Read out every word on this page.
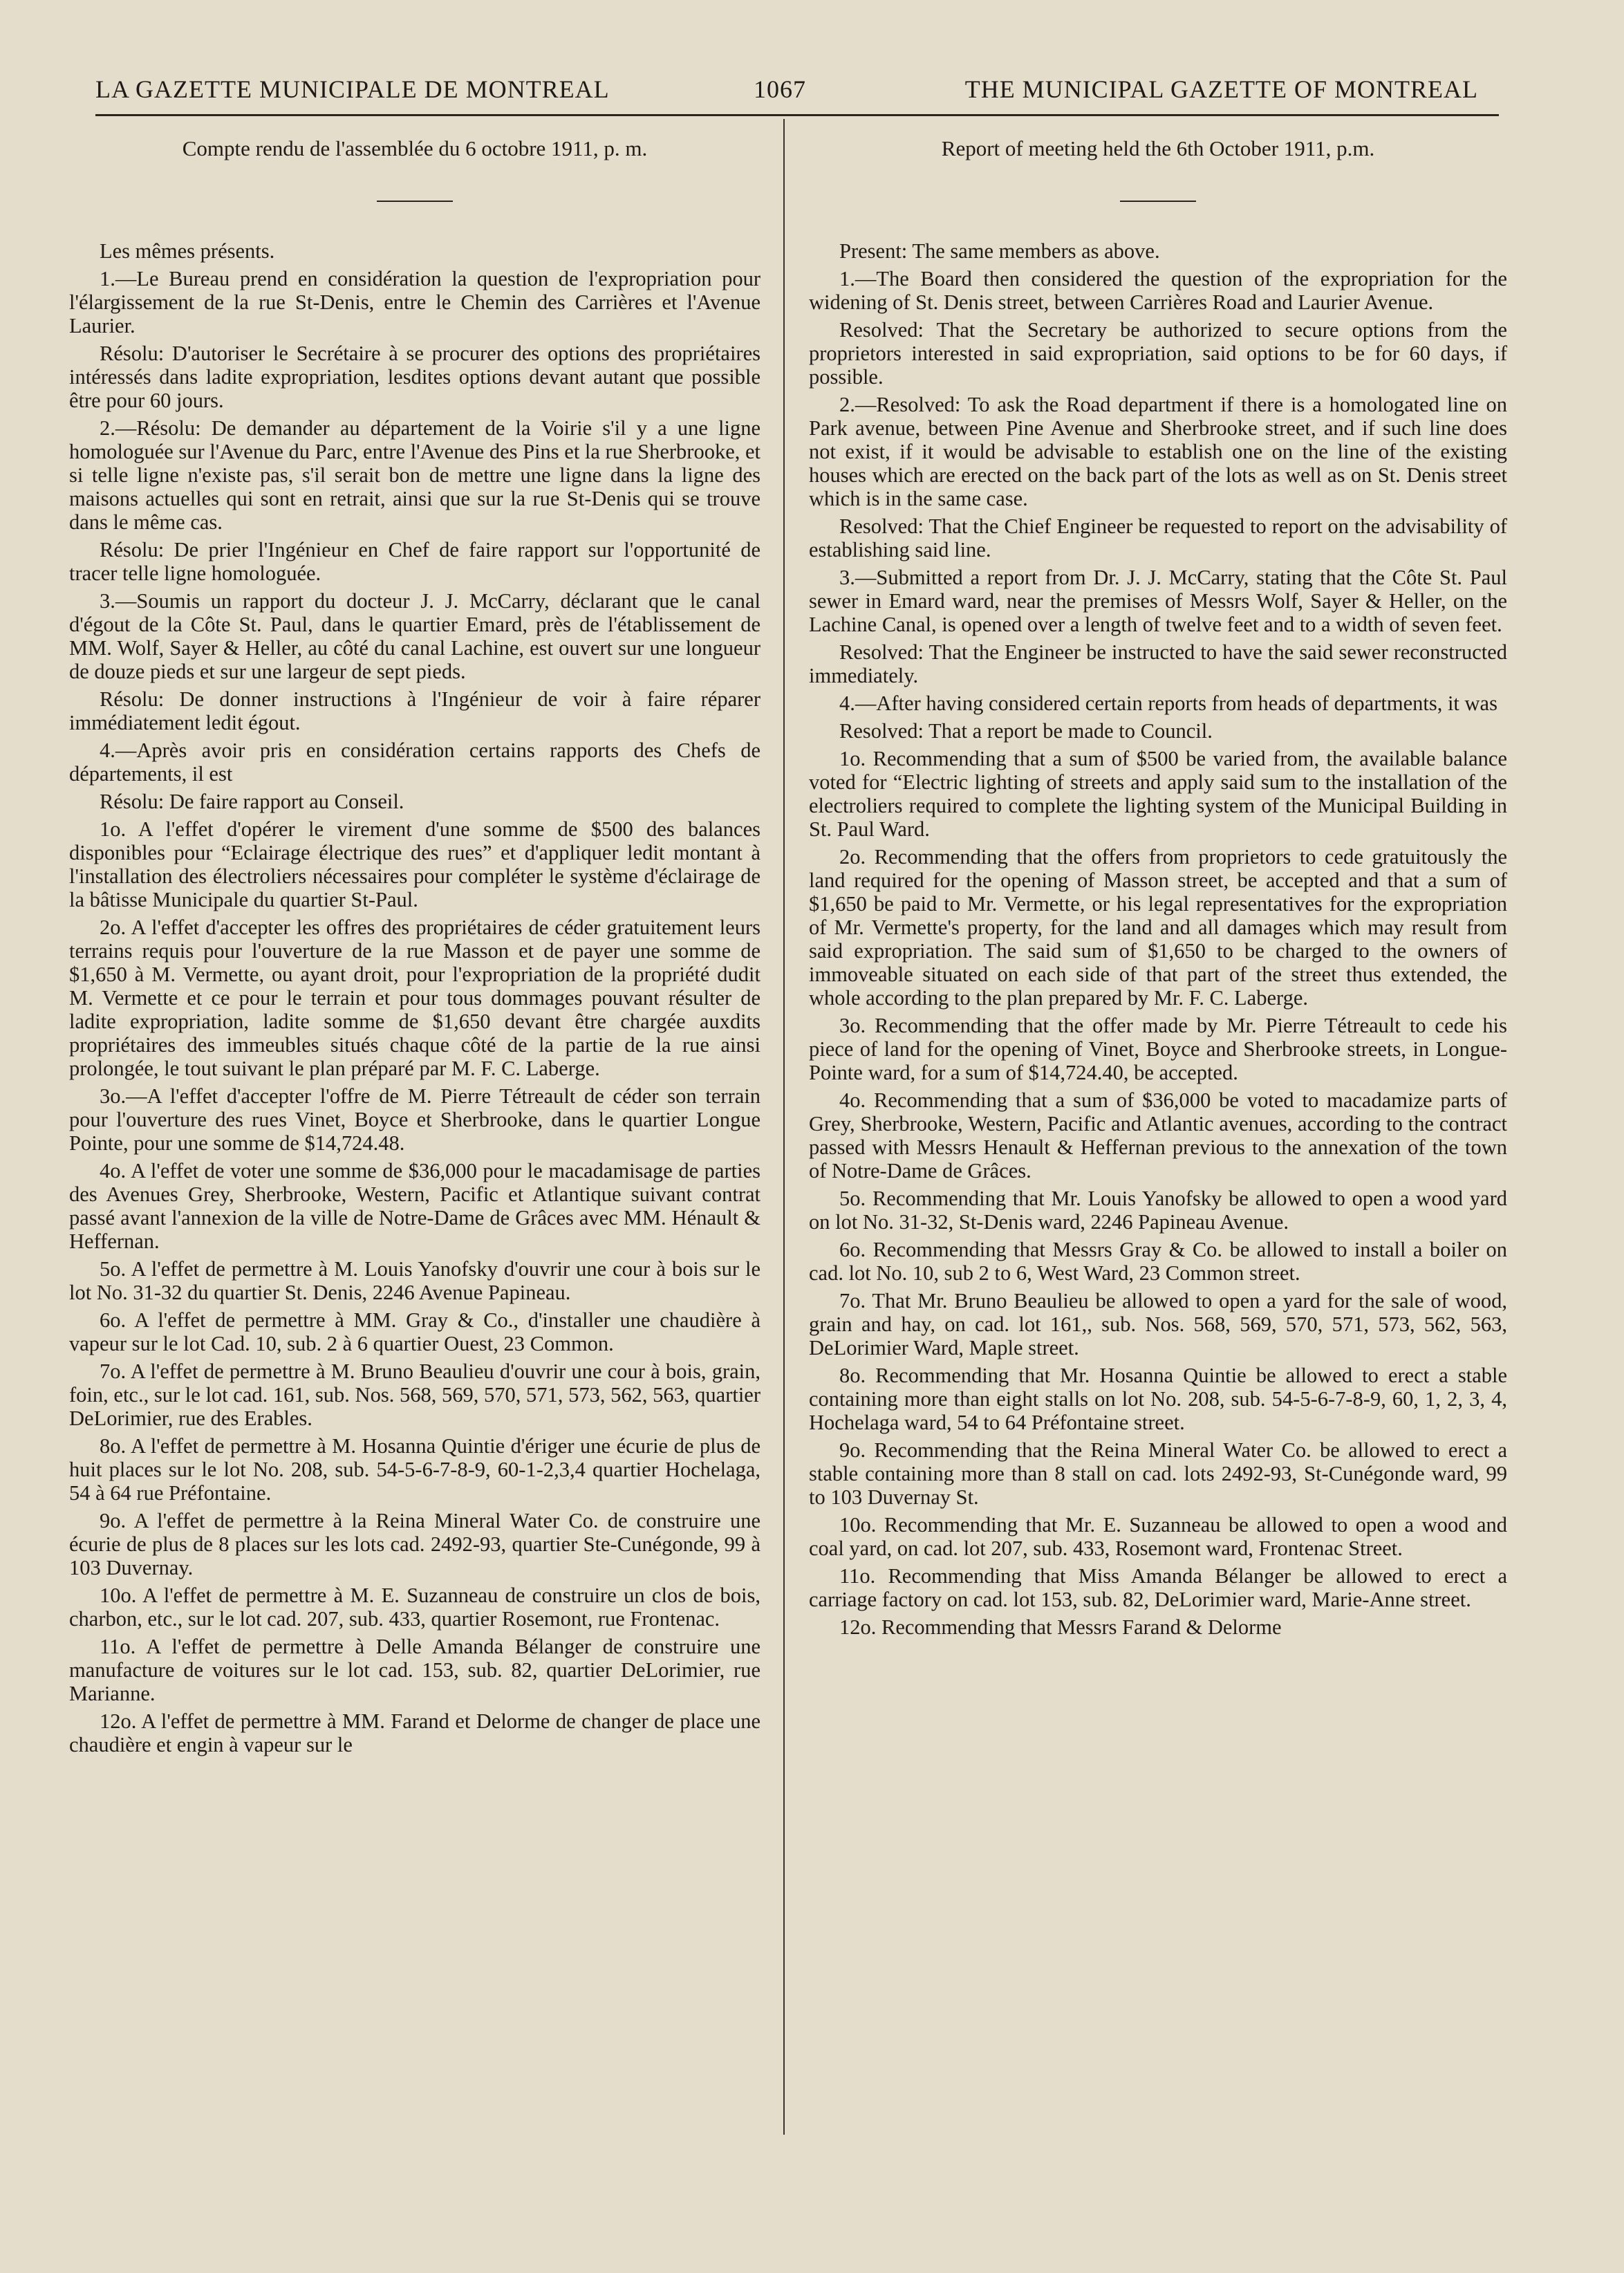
LA GAZETTE MUNICIPALE DE MONTREAL	1067	THE MUNICIPAL GAZETTE OF MONTREAL
Compte rendu de l'assemblée du 6 octobre 1911, p. m.

Les mêmes présents.

1.—Le Bureau prend en considération la question de l'expropriation pour l'élargissement de la rue St-Denis, entre le Chemin des Carrières et l'Avenue Laurier.

Résolu: D'autoriser le Secrétaire à se procurer des options des propriétaires intéressés dans ladite expropriation, lesdites options devant autant que possible être pour 60 jours.

2.—Résolu: De demander au département de la Voirie s'il y a une ligne homologuée sur l'Avenue du Parc, entre l'Avenue des Pins et la rue Sherbrooke, et si telle ligne n'existe pas, s'il serait bon de mettre une ligne dans la ligne des maisons actuelles qui sont en retrait, ainsi que sur la rue St-Denis qui se trouve dans le même cas.

Résolu: De prier l'Ingénieur en Chef de faire rapport sur l'opportunité de tracer telle ligne homologuée.

3.—Soumis un rapport du docteur J. J. McCarry, déclarant que le canal d'égout de la Côte St. Paul, dans le quartier Emard, près de l'établissement de MM. Wolf, Sayer & Heller, au côté du canal Lachine, est ouvert sur une longueur de douze pieds et sur une largeur de sept pieds.

Résolu: De donner instructions à l'Ingénieur de voir à faire réparer immédiatement ledit égout.

4.—Après avoir pris en considération certains rapports des Chefs de départements, il est

Résolu: De faire rapport au Conseil.

1o. A l'effet d'opérer le virement d'une somme de $500 des balances disponibles pour “Eclairage électrique des rues” et d'appliquer ledit montant à l'installation des électroliers nécessaires pour compléter le système d'éclairage de la bâtisse Municipale du quartier St-Paul.

2o. A l'effet d'accepter les offres des propriétaires de céder gratuitement leurs terrains requis pour l'ouverture de la rue Masson et de payer une somme de $1,650 à M. Vermette, ou ayant droit, pour l'expropriation de la propriété dudit M. Vermette et ce pour le terrain et pour tous dommages pouvant résulter de ladite expropriation, ladite somme de $1,650 devant être chargée auxdits propriétaires des immeubles situés chaque côté de la partie de la rue ainsi prolongée, le tout suivant le plan préparé par M. F. C. Laberge.

3o.—A l'effet d'accepter l'offre de M. Pierre Tétreault de céder son terrain pour l'ouverture des rues Vinet, Boyce et Sherbrooke, dans le quartier Longue Pointe, pour une somme de $14,724.48.

4o. A l'effet de voter une somme de $36,000 pour le macadamisage de parties des Avenues Grey, Sherbrooke, Western, Pacific et Atlantique suivant contrat passé avant l'annexion de la ville de Notre-Dame de Grâces avec MM. Hénault & Heffernan.

5o. A l'effet de permettre à M. Louis Yanofsky d'ouvrir une cour à bois sur le lot No. 31-32 du quartier St. Denis, 2246 Avenue Papineau.

6o. A l'effet de permettre à MM. Gray & Co., d'installer une chaudière à vapeur sur le lot Cad. 10, sub. 2 à 6 quartier Ouest, 23 Common.

7o. A l'effet de permettre à M. Bruno Beaulieu d'ouvrir une cour à bois, grain, foin, etc., sur le lot cad. 161, sub. Nos. 568, 569, 570, 571, 573, 562, 563, quartier DeLorimier, rue des Erables.

8o. A l'effet de permettre à M. Hosanna Quintie d'ériger une écurie de plus de huit places sur le lot No. 208, sub. 54-5-6-7-8-9, 60-1-2,3,4 quartier Hochelaga, 54 à 64 rue Préfontaine.

9o. A l'effet de permettre à la Reina Mineral Water Co. de construire une écurie de plus de 8 places sur les lots cad. 2492-93, quartier Ste-Cunégonde, 99 à 103 Duvernay.

10o. A l'effet de permettre à M. E. Suzanneau de construire un clos de bois, charbon, etc., sur le lot cad. 207, sub. 433, quartier Rosemont, rue Frontenac.

11o. A l'effet de permettre à Delle Amanda Bélanger de construire une manufacture de voitures sur le lot cad. 153, sub. 82, quartier DeLorimier, rue Marianne.

12o. A l'effet de permettre à MM. Farand et Delorme de changer de place une chaudière et engin à vapeur sur le

Report of meeting held the 6th October 1911, p.m.

Present: The same members as above.

1.—The Board then considered the question of the expropriation for the widening of St. Denis street, between Carrières Road and Laurier Avenue.

Resolved: That the Secretary be authorized to secure options from the proprietors interested in said expropriation, said options to be for 60 days, if possible.

2.—Resolved: To ask the Road department if there is a homologated line on Park avenue, between Pine Avenue and Sherbrooke street, and if such line does not exist, if it would be advisable to establish one on the line of the existing houses which are erected on the back part of the lots as well as on St. Denis street which is in the same case.

Resolved: That the Chief Engineer be requested to report on the advisability of establishing said line.

3.—Submitted a report from Dr. J. J. McCarry, stating that the Côte St. Paul sewer in Emard ward, near the premises of Messrs Wolf, Sayer & Heller, on the Lachine Canal, is opened over a length of twelve feet and to a width of seven feet.

Resolved: That the Engineer be instructed to have the said sewer reconstructed immediately.

4.—After having considered certain reports from heads of departments, it was

Resolved: That a report be made to Council.

1o. Recommending that a sum of $500 be varied from, the available balance voted for “Electric lighting of streets and apply said sum to the installation of the electroliers required to complete the lighting system of the Municipal Building in St. Paul Ward.

2o. Recommending that the offers from proprietors to cede gratuitously the land required for the opening of Masson street, be accepted and that a sum of $1,650 be paid to Mr. Vermette, or his legal representatives for the expropriation of Mr. Vermette's property, for the land and all damages which may result from said expropriation. The said sum of $1,650 to be charged to the owners of immoveable situated on each side of that part of the street thus extended, the whole according to the plan prepared by Mr. F. C. Laberge.

3o. Recommending that the offer made by Mr. Pierre Tétreault to cede his piece of land for the opening of Vinet, Boyce and Sherbrooke streets, in Longue-Pointe ward, for a sum of $14,724.40, be accepted.

4o. Recommending that a sum of $36,000 be voted to macadamize parts of Grey, Sherbrooke, Western, Pacific and Atlantic avenues, according to the contract passed with Messrs Henault & Heffernan previous to the annexation of the town of Notre-Dame de Grâces.

5o. Recommending that Mr. Louis Yanofsky be allowed to open a wood yard on lot No. 31-32, St-Denis ward, 2246 Papineau Avenue.

6o. Recommending that Messrs Gray & Co. be allowed to install a boiler on cad. lot No. 10, sub 2 to 6, West Ward, 23 Common street.

7o. That Mr. Bruno Beaulieu be allowed to open a yard for the sale of wood, grain and hay, on cad. lot 161,, sub. Nos. 568, 569, 570, 571, 573, 562, 563, DeLorimier Ward, Maple street.

8o. Recommending that Mr. Hosanna Quintie be allowed to erect a stable containing more than eight stalls on lot No. 208, sub. 54-5-6-7-8-9, 60, 1, 2, 3, 4, Hochelaga ward, 54 to 64 Préfontaine street.

9o. Recommending that the Reina Mineral Water Co. be allowed to erect a stable containing more than 8 stall on cad. lots 2492-93, St-Cunégonde ward, 99 to 103 Duvernay St.

10o. Recommending that Mr. E. Suzanneau be allowed to open a wood and coal yard, on cad. lot 207, sub. 433, Rosemont ward, Frontenac Street.

11o. Recommending that Miss Amanda Bélanger be allowed to erect a carriage factory on cad. lot 153, sub. 82, DeLorimier ward, Marie-Anne street.

12o. Recommending that Messrs Farand & Delorme
